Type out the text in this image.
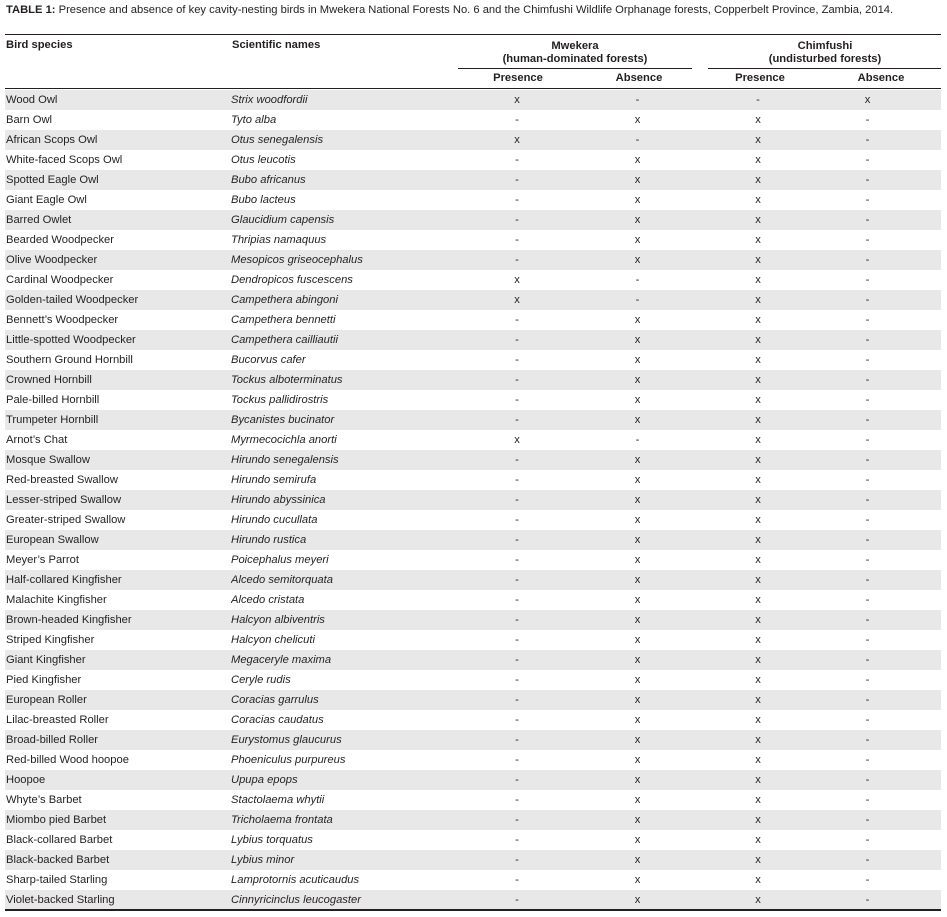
TABLE 1: Presence and absence of key cavity-nesting birds in Mwekera National Forests No. 6 and the Chimfushi Wildlife Orphanage forests, Copperbelt Province, Zambia, 2014.
Bird species	Scientific names	Mwekera
(human-dominated forests)
Chimfushi
(undisturbed forests)
Presence	Absence	Presence	Absence
Wood Owl	Strix woodfordii	x	-	-	x
Barn Owl	Tyto alba	-	x	x	-
African Scops Owl	Otus senegalensis	x	-	x	-
White-faced Scops Owl	Otus leucotis	-	x	x	-
Spotted Eagle Owl	Bubo africanus	-	x	x	-
Giant Eagle Owl	Bubo lacteus	-	x	x	-
Barred Owlet	Glaucidium capensis	-	x	x	-
Bearded Woodpecker	Thripias namaquus	-	x	x	-
Olive Woodpecker	Mesopicos griseocephalus	-	x	x	-
Cardinal Woodpecker	Dendropicos fuscescens	x	-	x	-
Golden-tailed Woodpecker	Campethera abingoni	x	-	x	-
Bennett’s Woodpecker	Campethera bennetti	-	x	x	-
Little-spotted Woodpecker	Campethera cailliautii	-	x	x	-
Southern Ground Hornbill	Bucorvus cafer	-	x	x	-
Crowned Hornbill	Tockus alboterminatus	-	x	x	-
Pale-billed Hornbill	Tockus pallidirostris	-	x	x	-
Trumpeter Hornbill	Bycanistes bucinator	-	x	x	-
Arnot’s Chat	Myrmecocichla anorti	x	-	x	-
Mosque Swallow	Hirundo senegalensis	-	x	x	-
Red-breasted Swallow	Hirundo semirufa	-	x	x	-
Lesser-striped Swallow	Hirundo abyssinica	-	x	x	-
Greater-striped Swallow	Hirundo cucullata	-	x	x	-
European Swallow	Hirundo rustica	-	x	x	-
Meyer’s Parrot	Poicephalus meyeri	-	x	x	-
Half-collared Kingfisher	Alcedo semitorquata	-	x	x	-
Malachite Kingfisher	Alcedo cristata	-	x	x	-
Brown-headed Kingfisher	Halcyon albiventris	-	x	x	-
Striped Kingfisher	Halcyon chelicuti	-	x	x	-
Giant Kingfisher	Megaceryle maxima	-	x	x	-
Pied Kingfisher	Ceryle rudis	-	x	x	-
European Roller	Coracias garrulus	-	x	x	-
Lilac-breasted Roller	Coracias caudatus	-	x	x	-
Broad-billed Roller	Eurystomus glaucurus	-	x	x	-
Red-billed Wood hoopoe	Phoeniculus purpureus	-	x	x	-
Hoopoe	Upupa epops	-	x	x	-
Whyte’s Barbet	Stactolaema whytii	-	x	x	-
Miombo pied Barbet	Tricholaema frontata	-	x	x	-
Black-collared Barbet	Lybius torquatus	-	x	x	-
Black-backed Barbet	Lybius minor	-	x	x	-
Sharp-tailed Starling	Lamprotornis acuticaudus	-	x	x	-
Violet-backed Starling	Cinnyricinclus leucogaster	-	x	x	-
